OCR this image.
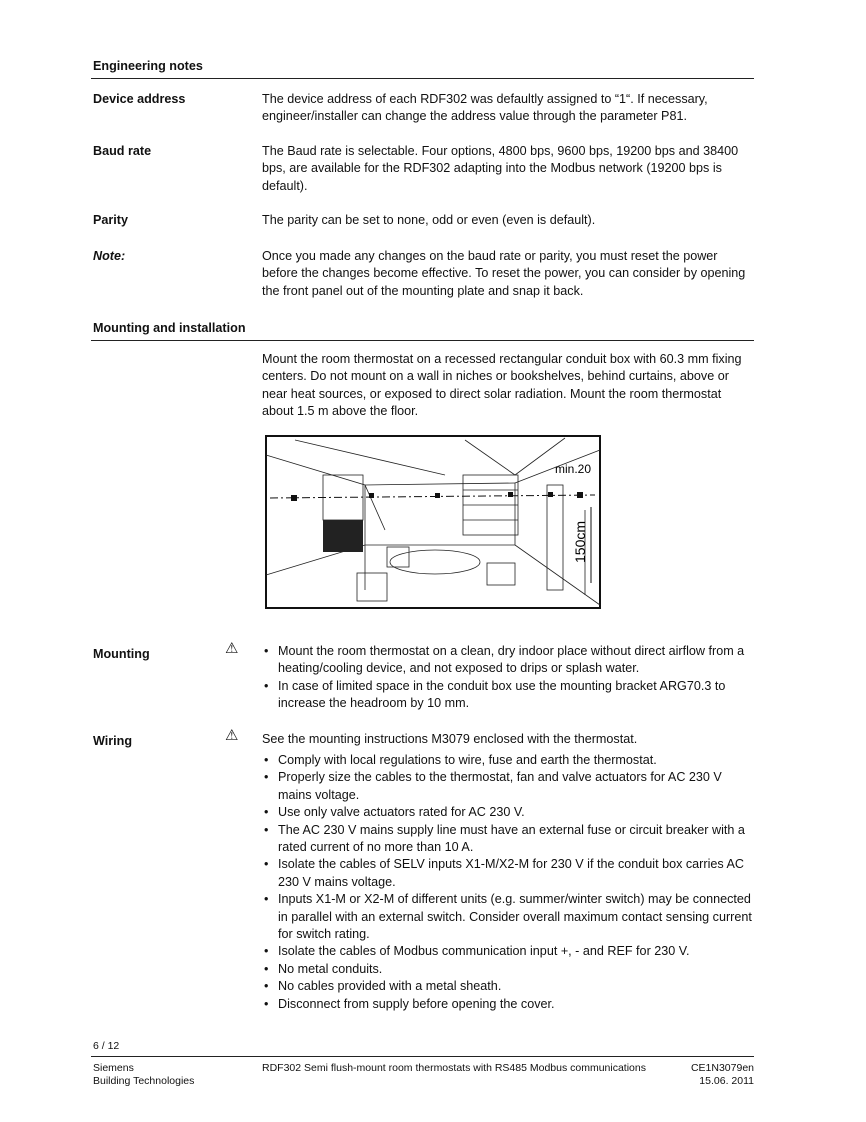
Engineering notes
Device address	The device address of each RDF302 was defaultly assigned to “1“. If necessary, engineer/installer can change the address value through the parameter P81.
Baud rate	The Baud rate is selectable. Four options, 4800 bps, 9600 bps, 19200 bps and 38400 bps, are available for the RDF302 adapting into the Modbus network (19200 bps is default).
Parity	The parity can be set to none, odd or even (even is default).
Note:	Once you made any changes on the baud rate or parity, you must reset the power before the changes become effective. To reset the power, you can consider by opening the front panel out of the mounting plate and snap it back.
Mounting and installation
Mount the room thermostat on a recessed rectangular conduit box with 60.3 mm fixing centers. Do not mount on a wall in niches or bookshelves, behind curtains, above or near heat sources, or exposed to direct solar radiation. Mount the room thermostat about 1.5 m above the floor.
min.20
150cm
Mounting	⚠	• Mount the room thermostat on a clean, dry indoor place without direct airflow from a heating/cooling device, and not exposed to drips or splash water.
• In case of limited space in the conduit box use the mounting bracket ARG70.3 to increase the headroom by 10 mm.
Wiring	⚠ See the mounting instructions M3079 enclosed with the thermostat.
• Comply with local regulations to wire, fuse and earth the thermostat.
• Properly size the cables to the thermostat, fan and valve actuators for AC 230 V mains voltage.
• Use only valve actuators rated for AC 230 V.
• The AC 230 V mains supply line must have an external fuse or circuit breaker with a rated current of no more than 10 A.
• Isolate the cables of SELV inputs X1-M/X2-M for 230 V if the conduit box carries AC 230 V mains voltage.
• Inputs X1-M or X2-M of different units (e.g. summer/winter switch) may be connected in parallel with an external switch. Consider overall maximum contact sensing current for switch rating.
• Isolate the cables of Modbus communication input +, - and REF for 230 V.
• No metal conduits.
• No cables provided with a metal sheath.
• Disconnect from supply before opening the cover.
6 / 12
Siemens
Building Technologies
RDF302 Semi flush-mount room thermostats with RS485 Modbus communications	CE1N3079en
15.06. 2011
